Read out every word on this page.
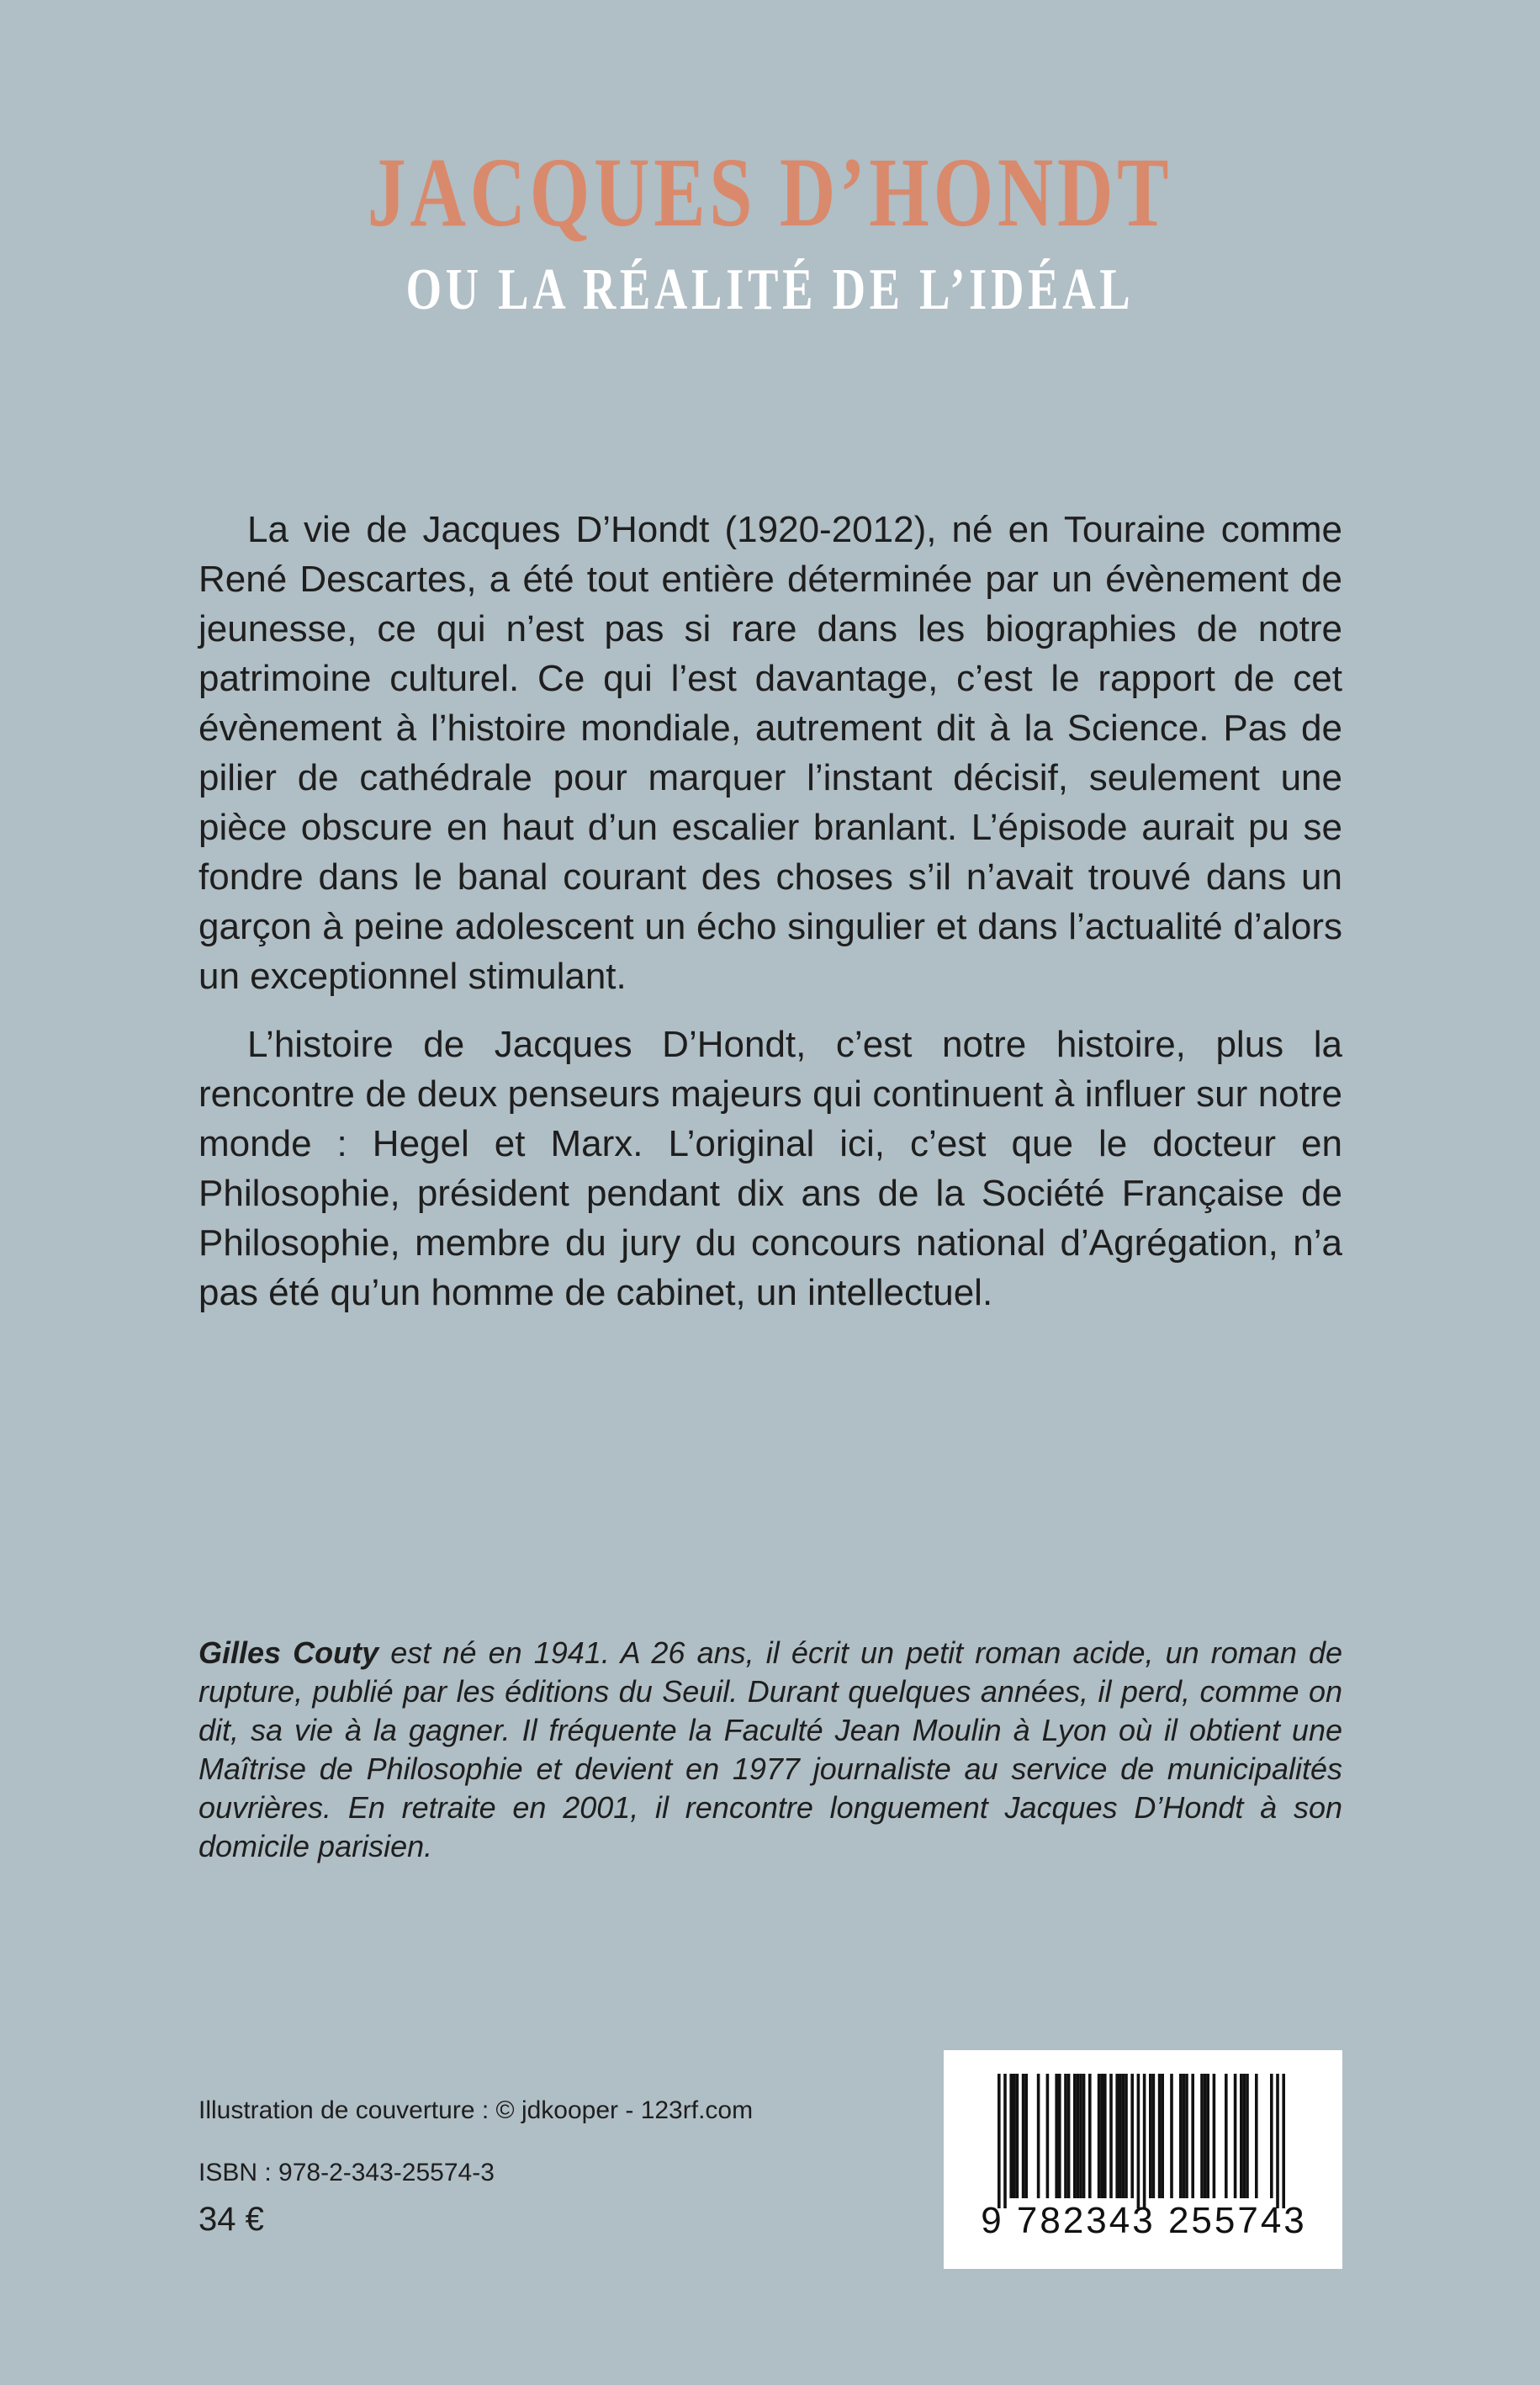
JACQUES D’HONDT
OU LA RÉALITÉ DE L’IDÉAL

La vie de Jacques D’Hondt (1920-2012), né en Touraine comme René Descartes, a été tout entière déterminée par un évènement de jeunesse, ce qui n’est pas si rare dans les biographies de notre patrimoine culturel. Ce qui l’est davantage, c’est le rapport de cet évènement à l’histoire mondiale, autrement dit à la Science. Pas de pilier de cathédrale pour marquer l’instant décisif, seulement une pièce obscure en haut d’un escalier branlant. L’épisode aurait pu se fondre dans le banal courant des choses s’il n’avait trouvé dans un garçon à peine adolescent un écho singulier et dans l’actualité d’alors un exceptionnel stimulant.

L’histoire de Jacques D’Hondt, c’est notre histoire, plus la rencontre de deux penseurs majeurs qui continuent à influer sur notre monde : Hegel et Marx. L’original ici, c’est que le docteur en Philosophie, président pendant dix ans de la Société Française de Philosophie, membre du jury du concours national d’Agrégation, n’a pas été qu’un homme de cabinet, un intellectuel.

Gilles Couty est né en 1941. A 26 ans, il écrit un petit roman acide, un roman de rupture, publié par les éditions du Seuil. Durant quelques années, il perd, comme on dit, sa vie à la gagner. Il fréquente la Faculté Jean Moulin à Lyon où il obtient une Maîtrise de Philosophie et devient en 1977 journaliste au service de municipalités ouvrières. En retraite en 2001, il rencontre longuement Jacques D’Hondt à son domicile parisien.
Illustration de couverture : © jdkooper - 123rf.com
ISBN : 978-2-343-25574-3
34 €	9 782343 255743
